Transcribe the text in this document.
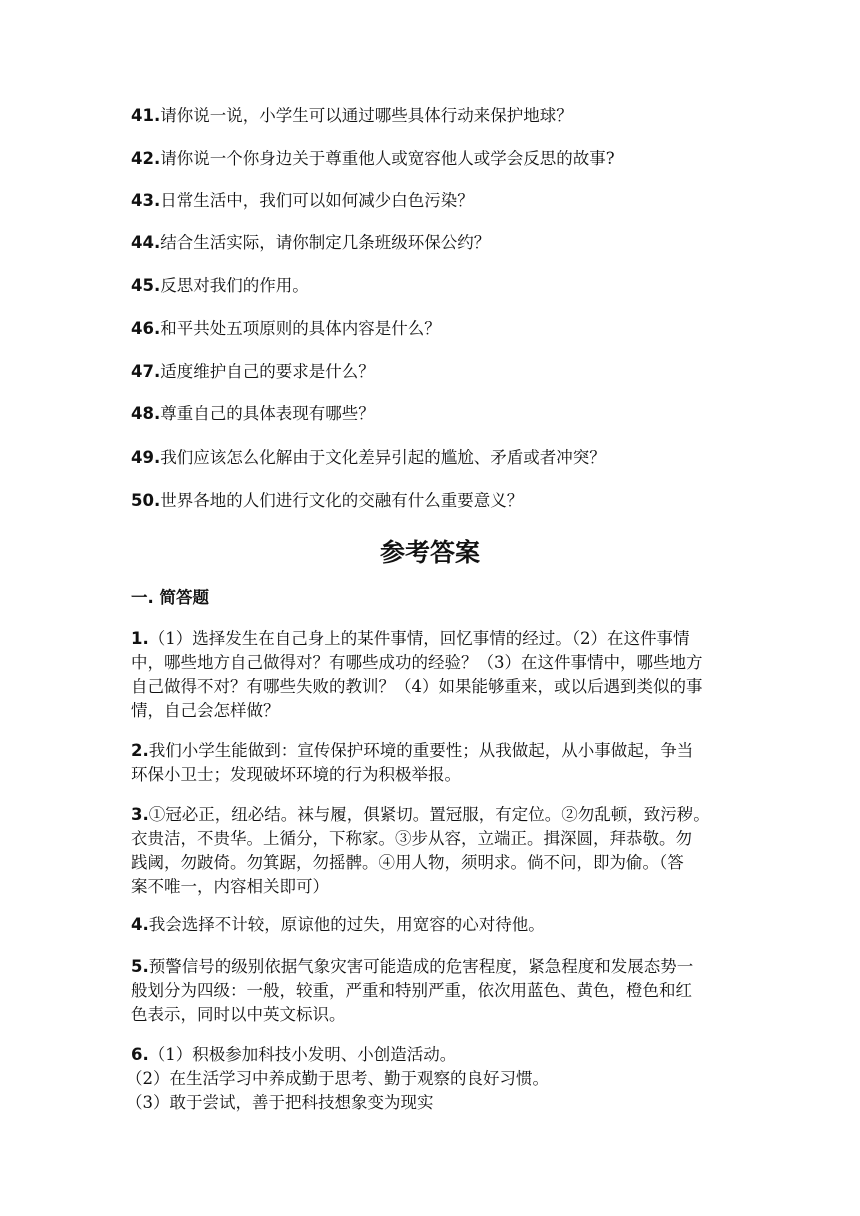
41.请你说一说，小学生可以通过哪些具体行动来保护地球？
42.请你说一个你身边关于尊重他人或宽容他人或学会反思的故事?
43.日常生活中，我们可以如何减少白色污染？
44.结合生活实际，请你制定几条班级环保公约？
45.反思对我们的作用。
46.和平共处五项原则的具体内容是什么？
47.适度维护自己的要求是什么？
48.尊重自己的具体表现有哪些？
49.我们应该怎么化解由于文化差异引起的尴尬、矛盾或者冲突？
50.世界各地的人们进行文化的交融有什么重要意义？
参考答案
一. 简答题
1.（1）选择发生在自己身上的某件事情，回忆事情的经过。（2）在这件事情
中，哪些地方自己做得对？有哪些成功的经验？（3）在这件事情中，哪些地方
自己做得不对？有哪些失败的教训？（4）如果能够重来，或以后遇到类似的事
情，自己会怎样做？
2.我们小学生能做到：宣传保护环境的重要性；从我做起，从小事做起，争当
环保小卫士；发现破坏环境的行为积极举报。
3.①冠必正，纽必结。袜与履，俱紧切。置冠服，有定位。②勿乱顿，致污秽。
衣贵洁，不贵华。上循分，下称家。③步从容，立端正。揖深圆，拜恭敬。勿
践阈，勿跛倚。勿箕踞，勿摇髀。④用人物，须明求。倘不问，即为偷。（答
案不唯一，内容相关即可）
4.我会选择不计较，原谅他的过失，用宽容的心对待他。
5.预警信号的级别依据气象灾害可能造成的危害程度，紧急程度和发展态势一
般划分为四级：一般，较重，严重和特别严重，依次用蓝色、黄色，橙色和红
色表示，同时以中英文标识。
6.（1）积极参加科技小发明、小创造活动。
（2）在生活学习中养成勤于思考、勤于观察的良好习惯。
（3）敢于尝试，善于把科技想象变为现实
